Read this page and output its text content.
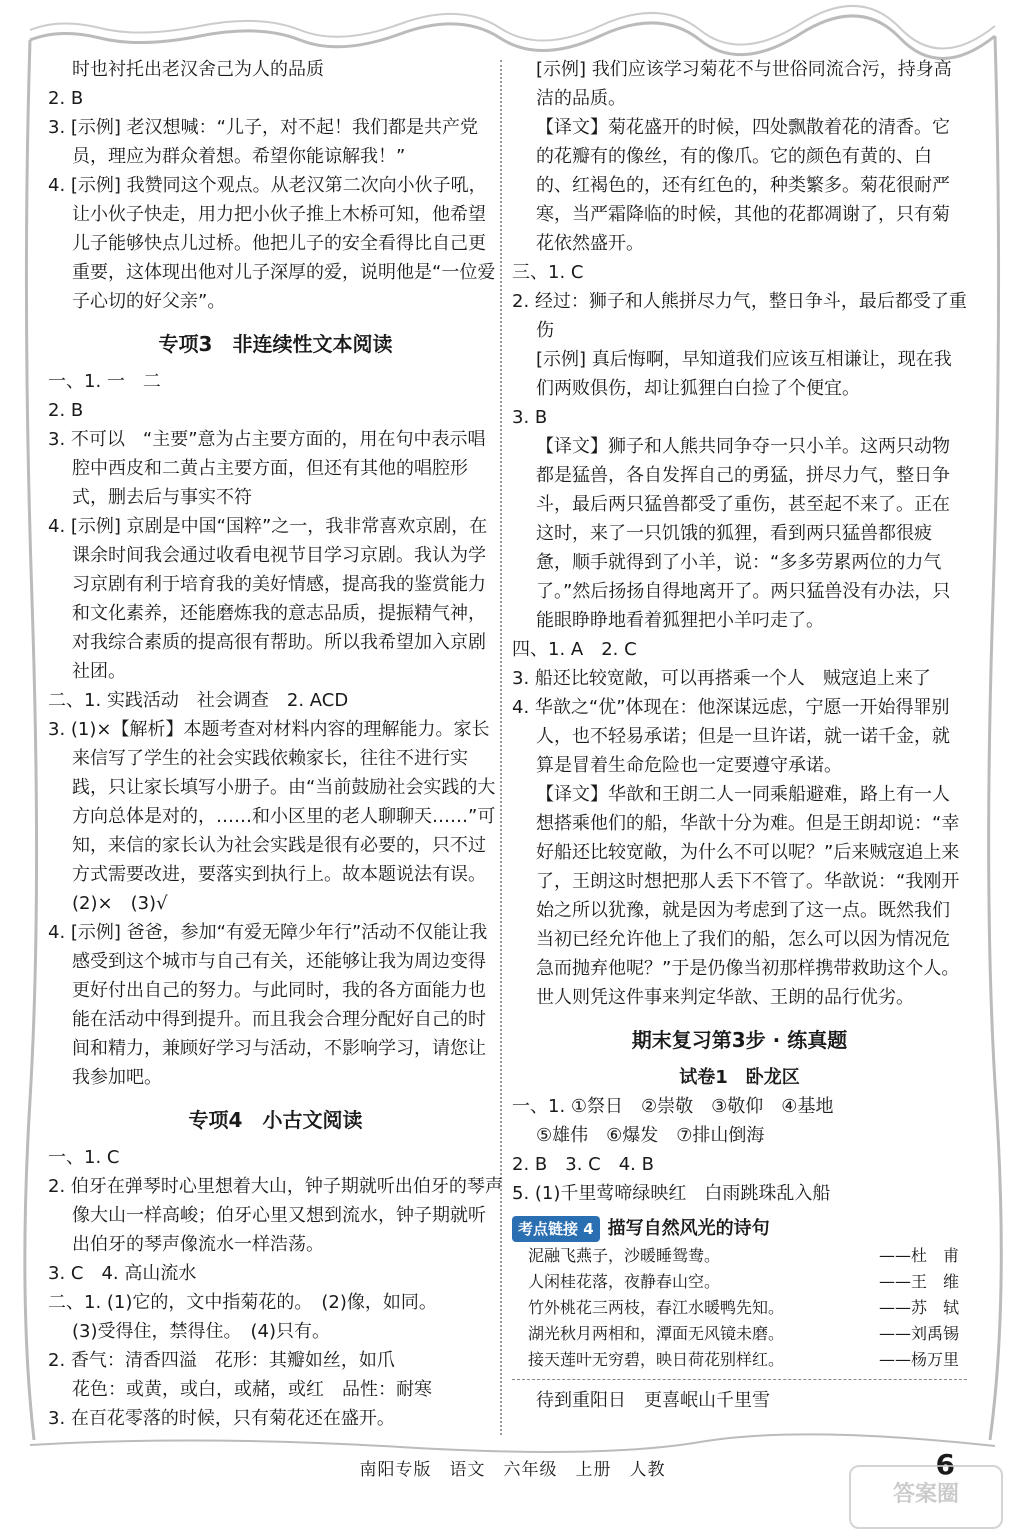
时也衬托出老汉舍己为人的品质
2. B
3. [示例] 老汉想喊：“儿子，对不起！我们都是共产党员，理应为群众着想。希望你能谅解我！”
4. [示例] 我赞同这个观点。从老汉第二次向小伙子吼，让小伙子快走，用力把小伙子推上木桥可知，他希望儿子能够快点儿过桥。他把儿子的安全看得比自己更重要，这体现出他对儿子深厚的爱，说明他是“一位爱子心切的好父亲”。
专项3　非连续性文本阅读
一、1. 一　二
2. B
3. 不可以　“主要”意为占主要方面的，用在句中表示唱腔中西皮和二黄占主要方面，但还有其他的唱腔形式，删去后与事实不符
4. [示例] 京剧是中国“国粹”之一，我非常喜欢京剧，在课余时间我会通过收看电视节目学习京剧。我认为学习京剧有利于培育我的美好情感，提高我的鉴赏能力和文化素养，还能磨炼我的意志品质，提振精气神，对我综合素质的提高很有帮助。所以我希望加入京剧社团。
二、1. 实践活动　社会调查　2. ACD
3. (1)×【解析】本题考查对材料内容的理解能力。家长来信写了学生的社会实践依赖家长，往往不进行实践，只让家长填写小册子。由“当前鼓励社会实践的大方向总体是对的，……和小区里的老人聊聊天……”可知，来信的家长认为社会实践是很有必要的，只不过方式需要改进，要落实到执行上。故本题说法有误。
(2)×　(3)√
4. [示例] 爸爸，参加“有爱无障少年行”活动不仅能让我感受到这个城市与自己有关，还能够让我为周边变得更好付出自己的努力。与此同时，我的各方面能力也能在活动中得到提升。而且我会合理分配好自己的时间和精力，兼顾好学习与活动，不影响学习，请您让我参加吧。
专项4　小古文阅读
一、1. C
2. 伯牙在弹琴时心里想着大山，钟子期就听出伯牙的琴声像大山一样高峻；伯牙心里又想到流水，钟子期就听出伯牙的琴声像流水一样浩荡。
3. C　4. 高山流水
二、1. (1)它的，文中指菊花的。　(2)像，如同。
(3)受得住，禁得住。　(4)只有。
2. 香气：清香四溢　花形：其瓣如丝，如爪
花色：或黄，或白，或赭，或红　品性：耐寒
3. 在百花零落的时候，只有菊花还在盛开。
[示例] 我们应该学习菊花不与世俗同流合污，持身高洁的品质。
【译文】菊花盛开的时候，四处飘散着花的清香。它的花瓣有的像丝，有的像爪。它的颜色有黄的、白的、红褐色的，还有红色的，种类繁多。菊花很耐严寒，当严霜降临的时候，其他的花都凋谢了，只有菊花依然盛开。
三、1. C
2. 经过：狮子和人熊拼尽力气，整日争斗，最后都受了重伤
[示例] 真后悔啊，早知道我们应该互相谦让，现在我们两败俱伤，却让狐狸白白捡了个便宜。
3. B
【译文】狮子和人熊共同争夺一只小羊。这两只动物都是猛兽，各自发挥自己的勇猛，拼尽力气，整日争斗，最后两只猛兽都受了重伤，甚至起不来了。正在这时，来了一只饥饿的狐狸，看到两只猛兽都很疲惫，顺手就得到了小羊，说：“多多劳累两位的力气了。”然后扬扬自得地离开了。两只猛兽没有办法，只能眼睁睁地看着狐狸把小羊叼走了。
四、1. A　2. C
3. 船还比较宽敞，可以再搭乘一个人　贼寇追上来了
4. 华歆之“优”体现在：他深谋远虑，宁愿一开始得罪别人，也不轻易承诺；但是一旦许诺，就一诺千金，就算是冒着生命危险也一定要遵守承诺。
【译文】华歆和王朗二人一同乘船避难，路上有一人想搭乘他们的船，华歆十分为难。但是王朗却说：“幸好船还比较宽敞，为什么不可以呢？”后来贼寇追上来了，王朗这时想把那人丢下不管了。华歆说：“我刚开始之所以犹豫，就是因为考虑到了这一点。既然我们当初已经允许他上了我们的船，怎么可以因为情况危急而抛弃他呢？”于是仍像当初那样携带救助这个人。世人则凭这件事来判定华歆、王朗的品行优劣。
期末复习第3步 · 练真题
试卷1　卧龙区
一、1. ①祭日　②崇敬　③敬仰　④基地
⑤雄伟　⑥爆发　⑦排山倒海
2. B　3. C　4. B
5. (1)千里莺啼绿映红　白雨跳珠乱入船
考点链接 4 描写自然风光的诗句
泥融飞燕子，沙暖睡鸳鸯。	——杜　甫
人闲桂花落，夜静春山空。	——王　维
竹外桃花三两枝，春江水暖鸭先知。	——苏　轼
湖光秋月两相和，潭面无风镜未磨。	——刘禹锡
接天莲叶无穷碧，映日荷花别样红。	——杨万里
待到重阳日　更喜岷山千里雪
南阳专版　语文　六年级　上册　人教	6
答案圈
